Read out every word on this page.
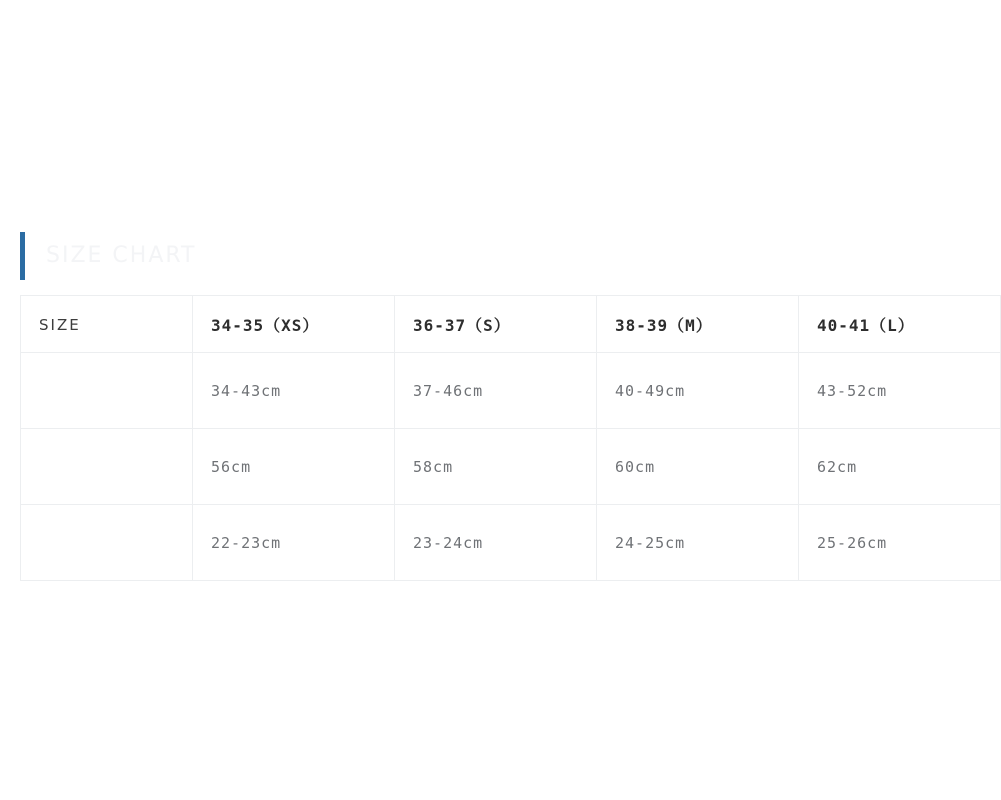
SIZE CHART
SIZE	34-35（XS）	36-37（S）	38-39（M）	40-41（L）
	34-43cm	37-46cm	40-49cm	43-52cm
	56cm	58cm	60cm	62cm
	22-23cm	23-24cm	24-25cm	25-26cm
